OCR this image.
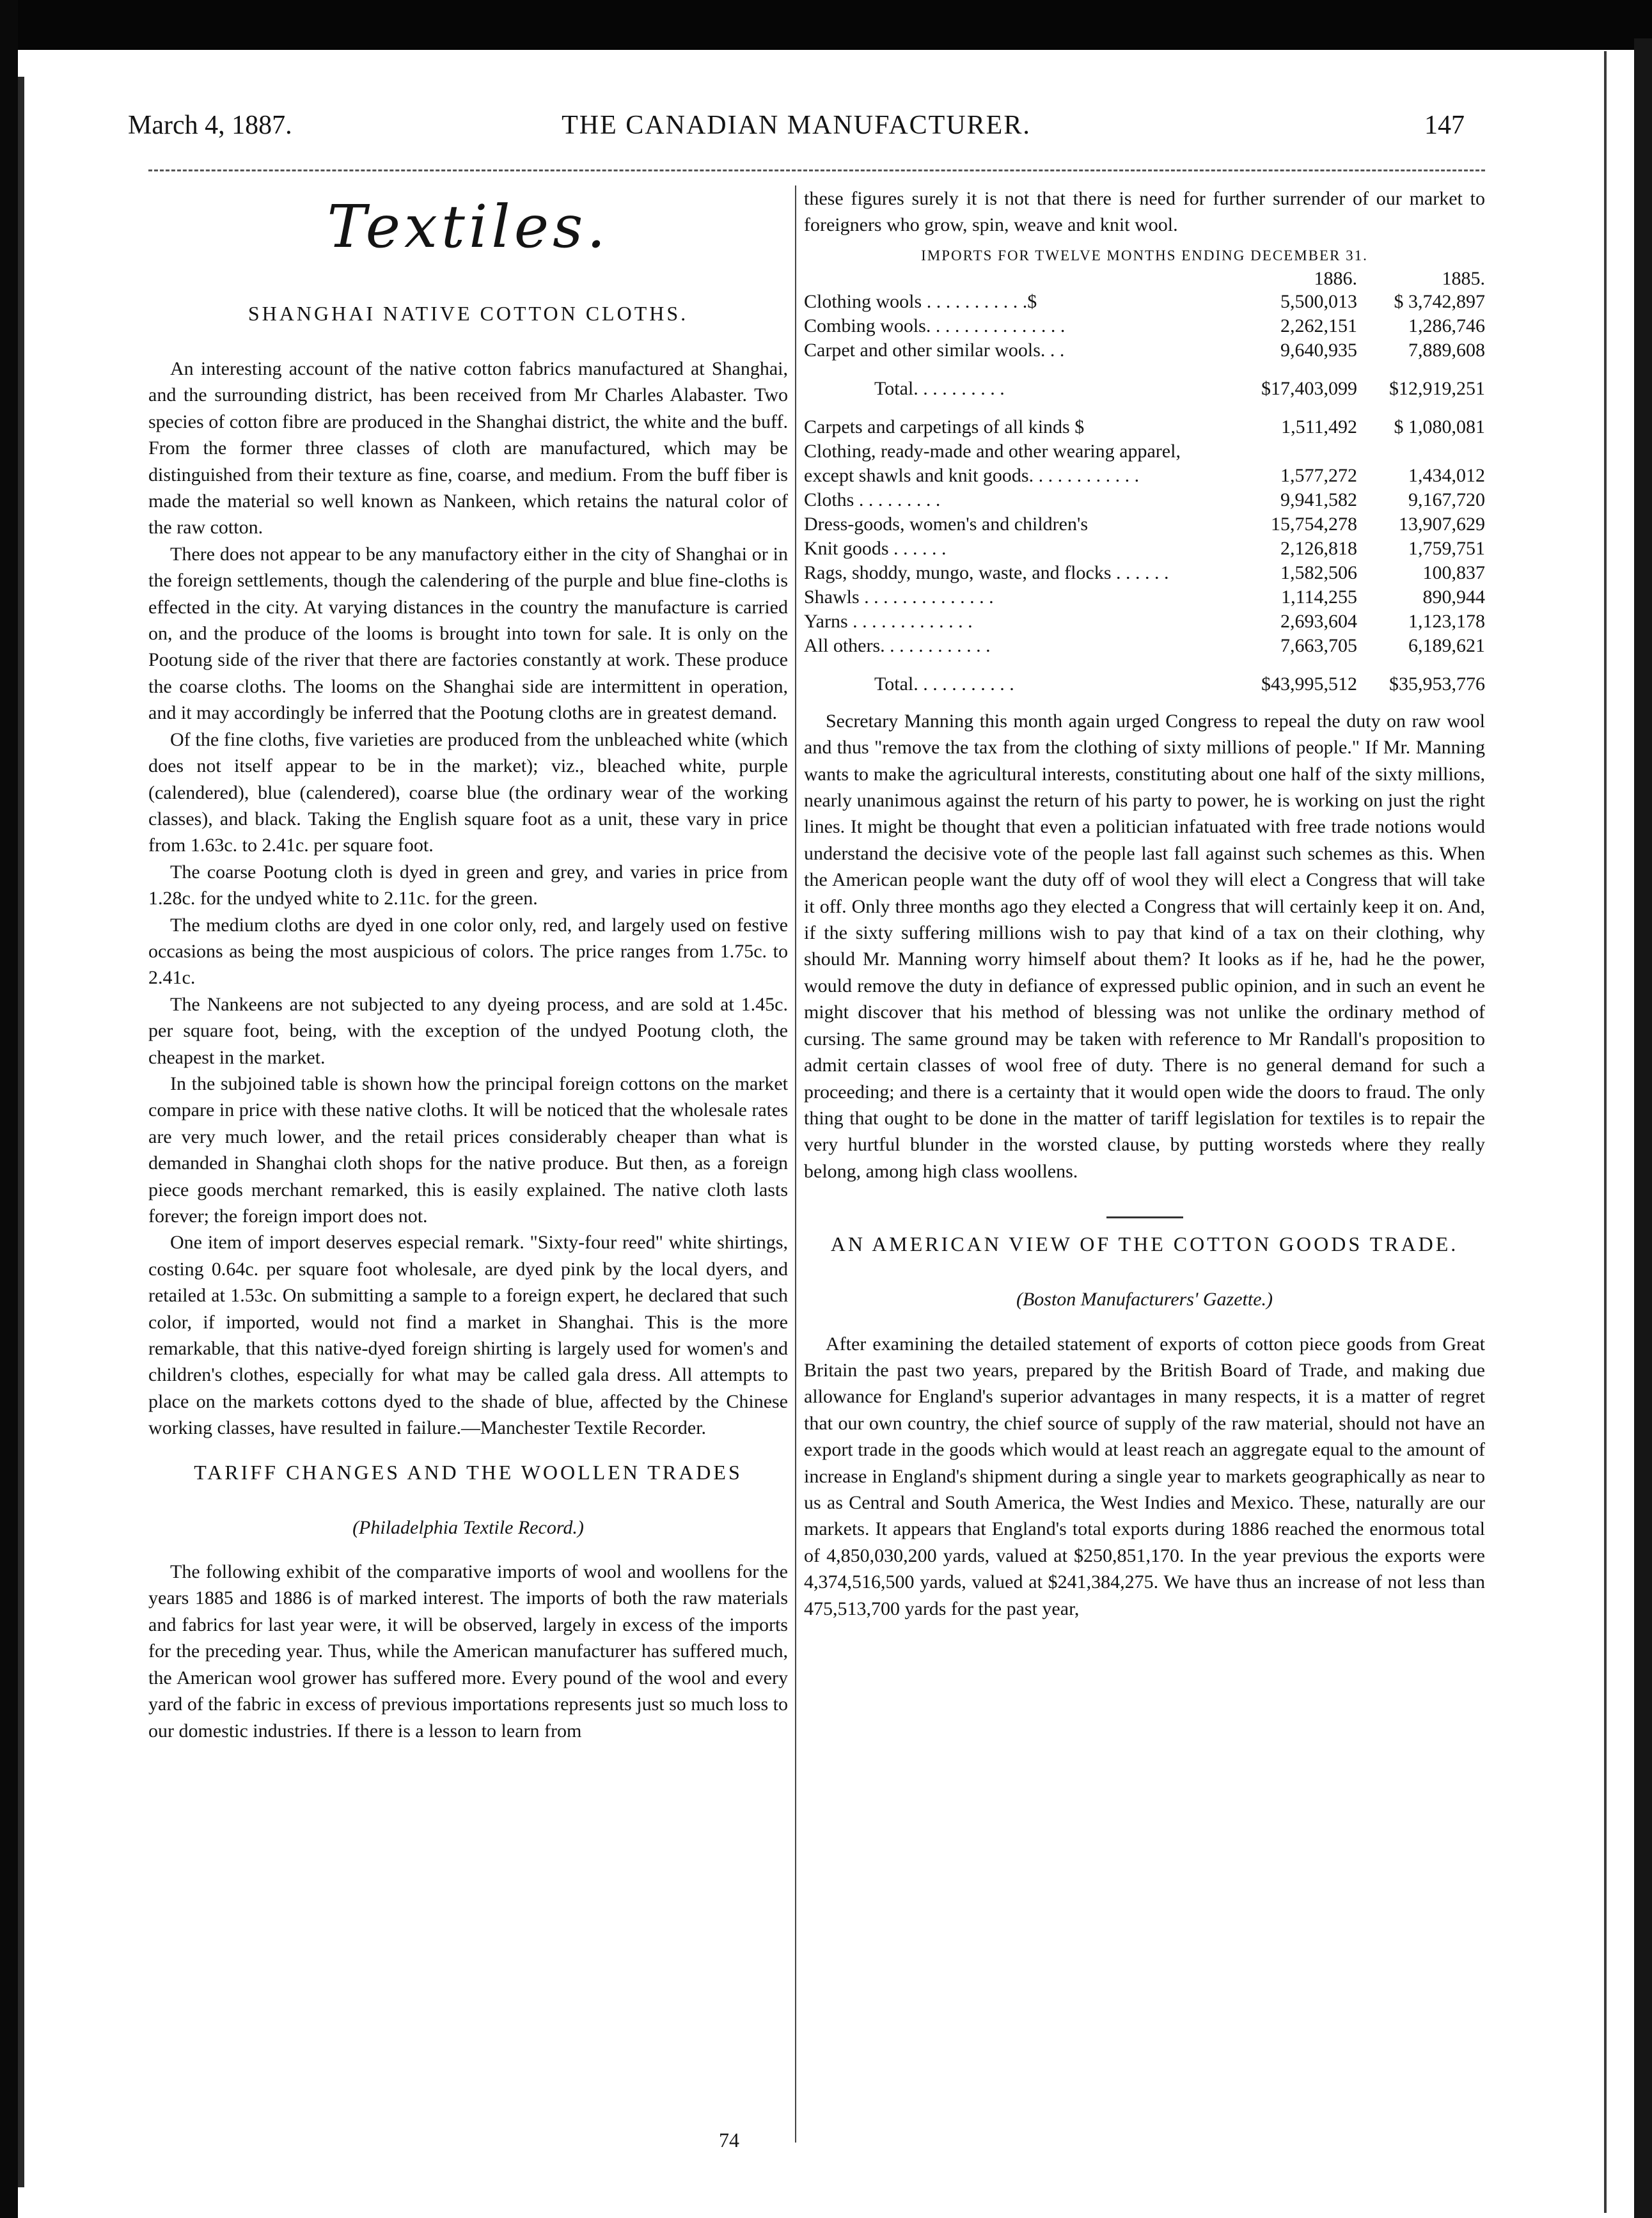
March 4, 1887.	THE CANADIAN MANUFACTURER.	147
Textiles.
SHANGHAI NATIVE COTTON CLOTHS.

An interesting account of the native cotton fabrics manufactured at Shanghai, and the surrounding district, has been received from Mr Charles Alabaster. Two species of cotton fibre are produced in the Shanghai district, the white and the buff. From the former three classes of cloth are manufactured, which may be distinguished from their texture as fine, coarse, and medium. From the buff fiber is made the material so well known as Nankeen, which retains the natural color of the raw cotton.

There does not appear to be any manufactory either in the city of Shanghai or in the foreign settlements, though the calendering of the purple and blue fine-cloths is effected in the city. At varying distances in the country the manufacture is carried on, and the produce of the looms is brought into town for sale. It is only on the Pootung side of the river that there are factories constantly at work. These produce the coarse cloths. The looms on the Shanghai side are intermittent in operation, and it may accordingly be inferred that the Pootung cloths are in greatest demand.

Of the fine cloths, five varieties are produced from the unbleached white (which does not itself appear to be in the market); viz., bleached white, purple (calendered), blue (calendered), coarse blue (the ordinary wear of the working classes), and black. Taking the English square foot as a unit, these vary in price from 1.63c. to 2.41c. per square foot.

The coarse Pootung cloth is dyed in green and grey, and varies in price from 1.28c. for the undyed white to 2.11c. for the green.

The medium cloths are dyed in one color only, red, and largely used on festive occasions as being the most auspicious of colors. The price ranges from 1.75c. to 2.41c.

The Nankeens are not subjected to any dyeing process, and are sold at 1.45c. per square foot, being, with the exception of the undyed Pootung cloth, the cheapest in the market.

In the subjoined table is shown how the principal foreign cottons on the market compare in price with these native cloths. It will be noticed that the wholesale rates are very much lower, and the retail prices considerably cheaper than what is demanded in Shanghai cloth shops for the native produce. But then, as a foreign piece goods merchant remarked, this is easily explained. The native cloth lasts forever; the foreign import does not.

One item of import deserves especial remark. "Sixty-four reed" white shirtings, costing 0.64c. per square foot wholesale, are dyed pink by the local dyers, and retailed at 1.53c. On submitting a sample to a foreign expert, he declared that such color, if imported, would not find a market in Shanghai. This is the more remarkable, that this native-dyed foreign shirting is largely used for women's and children's clothes, especially for what may be called gala dress. All attempts to place on the markets cottons dyed to the shade of blue, affected by the Chinese working classes, have resulted in failure.—Manchester Textile Recorder.

TARIFF CHANGES AND THE WOOLLEN TRADES
(Philadelphia Textile Record.)

The following exhibit of the comparative imports of wool and woollens for the years 1885 and 1886 is of marked interest. The imports of both the raw materials and fabrics for last year were, it will be observed, largely in excess of the imports for the preceding year. Thus, while the American manufacturer has suffered much, the American wool grower has suffered more. Every pound of the wool and every yard of the fabric in excess of previous importations represents just so much loss to our domestic industries. If there is a lesson to learn from

these figures surely it is not that there is need for further surrender of our market to foreigners who grow, spin, weave and knit wool.

IMPORTS FOR TWELVE MONTHS ENDING DECEMBER 31.
	1886.	1885.
Clothing wools . . . . . . . . . . .$	5,500,013	$ 3,742,897
Combing wools. . . . . . . . . . . . . . .	2,262,151	1,286,746
Carpet and other similar wools. . .	9,640,935	7,889,608

Total. . . . . . . . . .	$17,403,099	$12,919,251

Carpets and carpetings of all kinds $	1,511,492	$ 1,080,081
Clothing, ready-made and other wearing apparel, except shawls and knit goods. . . . . . . . . . . .	1,577,272	1,434,012
Cloths . . . . . . . . .	9,941,582	9,167,720
Dress-goods, women's and children's	15,754,278	13,907,629
Knit goods . . . . . .	2,126,818	1,759,751
Rags, shoddy, mungo, waste, and flocks . . . . . .	1,582,506	100,837
Shawls . . . . . . . . . . . . . .	1,114,255	890,944
Yarns . . . . . . . . . . . . .	2,693,604	1,123,178
All others. . . . . . . . . . . .	7,663,705	6,189,621

Total. . . . . . . . . . .	$43,995,512	$35,953,776

Secretary Manning this month again urged Congress to repeal the duty on raw wool and thus "remove the tax from the clothing of sixty millions of people." If Mr. Manning wants to make the agricultural interests, constituting about one half of the sixty millions, nearly unanimous against the return of his party to power, he is working on just the right lines. It might be thought that even a politician infatuated with free trade notions would understand the decisive vote of the people last fall against such schemes as this. When the American people want the duty off of wool they will elect a Congress that will take it off. Only three months ago they elected a Congress that will certainly keep it on. And, if the sixty suffering millions wish to pay that kind of a tax on their clothing, why should Mr. Manning worry himself about them? It looks as if he, had he the power, would remove the duty in defiance of expressed public opinion, and in such an event he might discover that his method of blessing was not unlike the ordinary method of cursing. The same ground may be taken with reference to Mr Randall's proposition to admit certain classes of wool free of duty. There is no general demand for such a proceeding; and there is a certainty that it would open wide the doors to fraud. The only thing that ought to be done in the matter of tariff legislation for textiles is to repair the very hurtful blunder in the worsted clause, by putting worsteds where they really belong, among high class woollens.

AN AMERICAN VIEW OF THE COTTON GOODS TRADE.
(Boston Manufacturers' Gazette.)

After examining the detailed statement of exports of cotton piece goods from Great Britain the past two years, prepared by the British Board of Trade, and making due allowance for England's superior advantages in many respects, it is a matter of regret that our own country, the chief source of supply of the raw material, should not have an export trade in the goods which would at least reach an aggregate equal to the amount of increase in England's shipment during a single year to markets geographically as near to us as Central and South America, the West Indies and Mexico. These, naturally are our markets. It appears that England's total exports during 1886 reached the enormous total of 4,850,030,200 yards, valued at $250,851,170. In the year previous the exports were 4,374,516,500 yards, valued at $241,384,275. We have thus an increase of not less than 475,513,700 yards for the past year,

74
